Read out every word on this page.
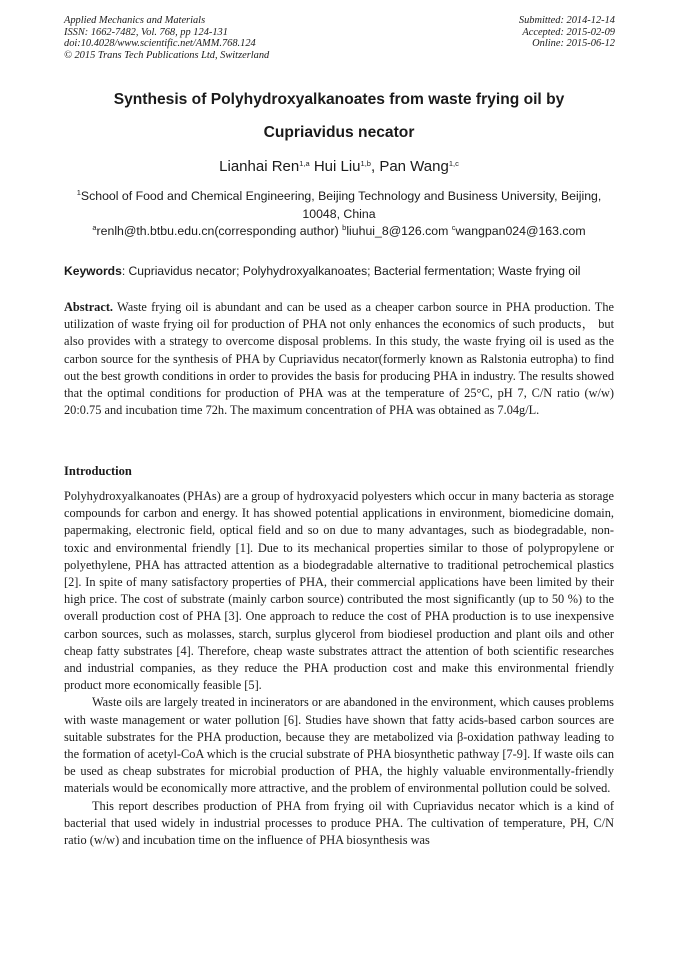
Applied Mechanics and Materials
ISSN: 1662-7482, Vol. 768, pp 124-131
doi:10.4028/www.scientific.net/AMM.768.124
© 2015 Trans Tech Publications Ltd, Switzerland
Submitted: 2014-12-14
Accepted: 2015-02-09
Online: 2015-06-12
Synthesis of Polyhydroxyalkanoates from waste frying oil by
Cupriavidus necator
Lianhai Ren$^{1,a}$ Hui Liu$^{1,b}$, Pan Wang$^{1,c}$
$^1$School of Food and Chemical Engineering, Beijing Technology and Business University, Beijing, 10048, China
$^a$renlh@th.btbu.edu.cn(corresponding author) $^b$liuhui_8@126.com $^c$wangpan024@163.com
Keywords: Cupriavidus necator; Polyhydroxyalkanoates; Bacterial fermentation; Waste frying oil

Abstract. Waste frying oil is abundant and can be used as a cheaper carbon source in PHA production. The utilization of waste frying oil for production of PHA not only enhances the economics of such products， but also provides with a strategy to overcome disposal problems. In this study, the waste frying oil is used as the carbon source for the synthesis of PHA by Cupriavidus necator(formerly known as Ralstonia eutropha) to find out the best growth conditions in order to provides the basis for producing PHA in industry. The results showed that the optimal conditions for production of PHA was at the temperature of 25°C, pH 7, C/N ratio (w/w) 20:0.75 and incubation time 72h. The maximum concentration of PHA was obtained as 7.04g/L.

Introduction

Polyhydroxyalkanoates (PHAs) are a group of hydroxyacid polyesters which occur in many bacteria as storage compounds for carbon and energy. It has showed potential applications in environment, biomedicine domain, papermaking, electronic field, optical field and so on due to many advantages, such as biodegradable, non-toxic and environmental friendly [1]. Due to its mechanical properties similar to those of polypropylene or polyethylene, PHA has attracted attention as a biodegradable alternative to traditional petrochemical plastics [2]. In spite of many satisfactory properties of PHA, their commercial applications have been limited by their high price. The cost of substrate (mainly carbon source) contributed the most significantly (up to 50 %) to the overall production cost of PHA [3]. One approach to reduce the cost of PHA production is to use inexpensive carbon sources, such as molasses, starch, surplus glycerol from biodiesel production and plant oils and other cheap fatty substrates [4]. Therefore, cheap waste substrates attract the attention of both scientific researches and industrial companies, as they reduce the PHA production cost and make this environmental friendly product more economically feasible [5].

Waste oils are largely treated in incinerators or are abandoned in the environment, which causes problems with waste management or water pollution [6]. Studies have shown that fatty acids-based carbon sources are suitable substrates for the PHA production, because they are metabolized via β-oxidation pathway leading to the formation of acetyl-CoA which is the crucial substrate of PHA biosynthetic pathway [7-9]. If waste oils can be used as cheap substrates for microbial production of PHA, the highly valuable environmentally-friendly materials would be economically more attractive, and the problem of environmental pollution could be solved.

This report describes production of PHA from frying oil with Cupriavidus necator which is a kind of bacterial that used widely in industrial processes to produce PHA. The cultivation of temperature, PH, C/N ratio (w/w) and incubation time on the influence of PHA biosynthesis was
